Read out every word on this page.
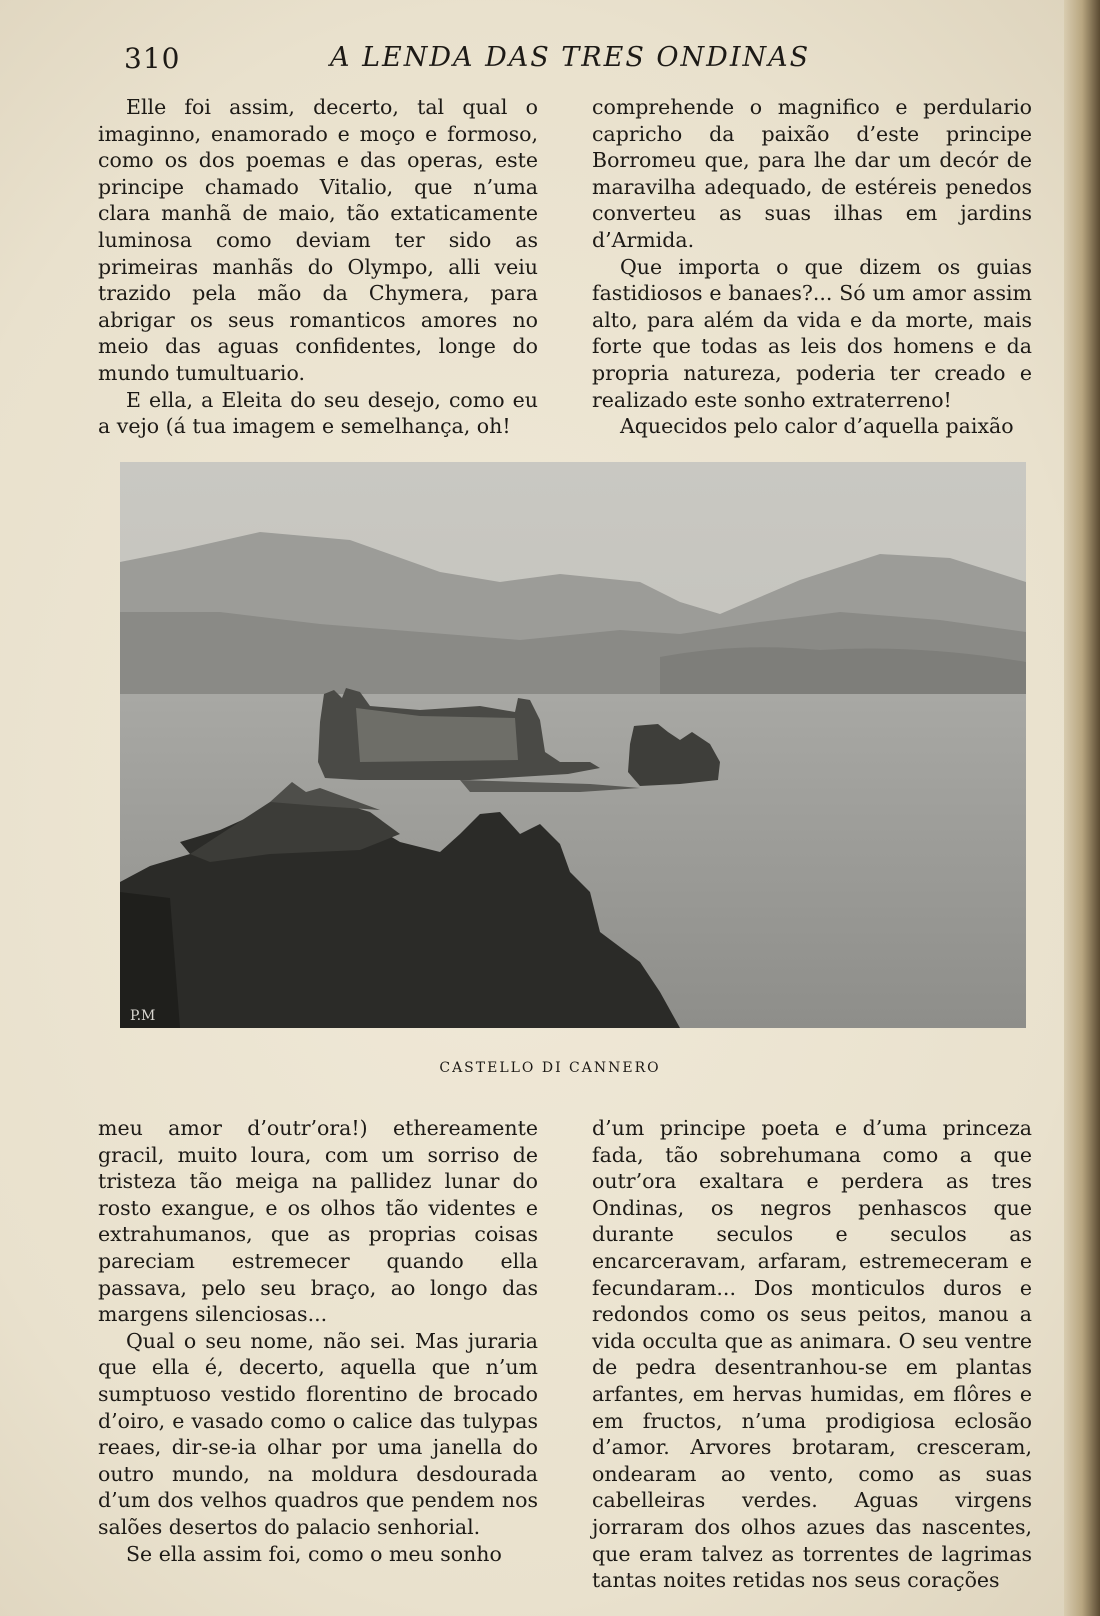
310	A LENDA DAS TRES ONDINAS

Elle foi assim, decerto, tal qual o imaginno, enamorado e moço e formoso, como os dos poemas e das operas, este principe chamado Vitalio, que n’uma clara manhã de maio, tão extaticamente luminosa como deviam ter sido as primeiras manhãs do Olympo, alli veiu trazido pela mão da Chymera, para abrigar os seus romanticos amores no meio das aguas confidentes, longe do mundo tumultuario.

E ella, a Eleita do seu desejo, como eu a vejo (á tua imagem e semelhança, oh!

comprehende o magnifico e perdulario capricho da paixão d’este principe Borromeu que, para lhe dar um decór de maravilha adequado, de estéreis penedos converteu as suas ilhas em jardins d’Armida.

Que importa o que dizem os guias fastidiosos e banaes?... Só um amor assim alto, para além da vida e da morte, mais forte que todas as leis dos homens e da propria natureza, poderia ter creado e realizado este sonho extraterreno!

Aquecidos pelo calor d’aquella paixão

P.M
CASTELLO DI CANNERO

meu amor d’outr’ora!) ethereamente gracil, muito loura, com um sorriso de tristeza tão meiga na pallidez lunar do rosto exangue, e os olhos tão videntes e extrahumanos, que as proprias coisas pareciam estremecer quando ella passava, pelo seu braço, ao longo das margens silenciosas...

Qual o seu nome, não sei. Mas juraria que ella é, decerto, aquella que n’um sumptuoso vestido florentino de brocado d’oiro, e vasado como o calice das tulypas reaes, dir-se-ia olhar por uma janella do outro mundo, na moldura desdourada d’um dos velhos quadros que pendem nos salões desertos do palacio senhorial.

Se ella assim foi, como o meu sonho

d’um principe poeta e d’uma princeza fada, tão sobrehumana como a que outr’ora exaltara e perdera as tres Ondinas, os negros penhascos que durante seculos e seculos as encarceravam, arfaram, estremeceram e fecundaram... Dos monticulos duros e redondos como os seus peitos, manou a vida occulta que as animara. O seu ventre de pedra desentranhou-se em plantas arfantes, em hervas humidas, em flôres e em fructos, n’uma prodigiosa eclosão d’amor. Arvores brotaram, cresceram, ondearam ao vento, como as suas cabelleiras verdes. Aguas virgens jorraram dos olhos azues das nascentes, que eram talvez as torrentes de lagrimas tantas noites retidas nos seus corações
